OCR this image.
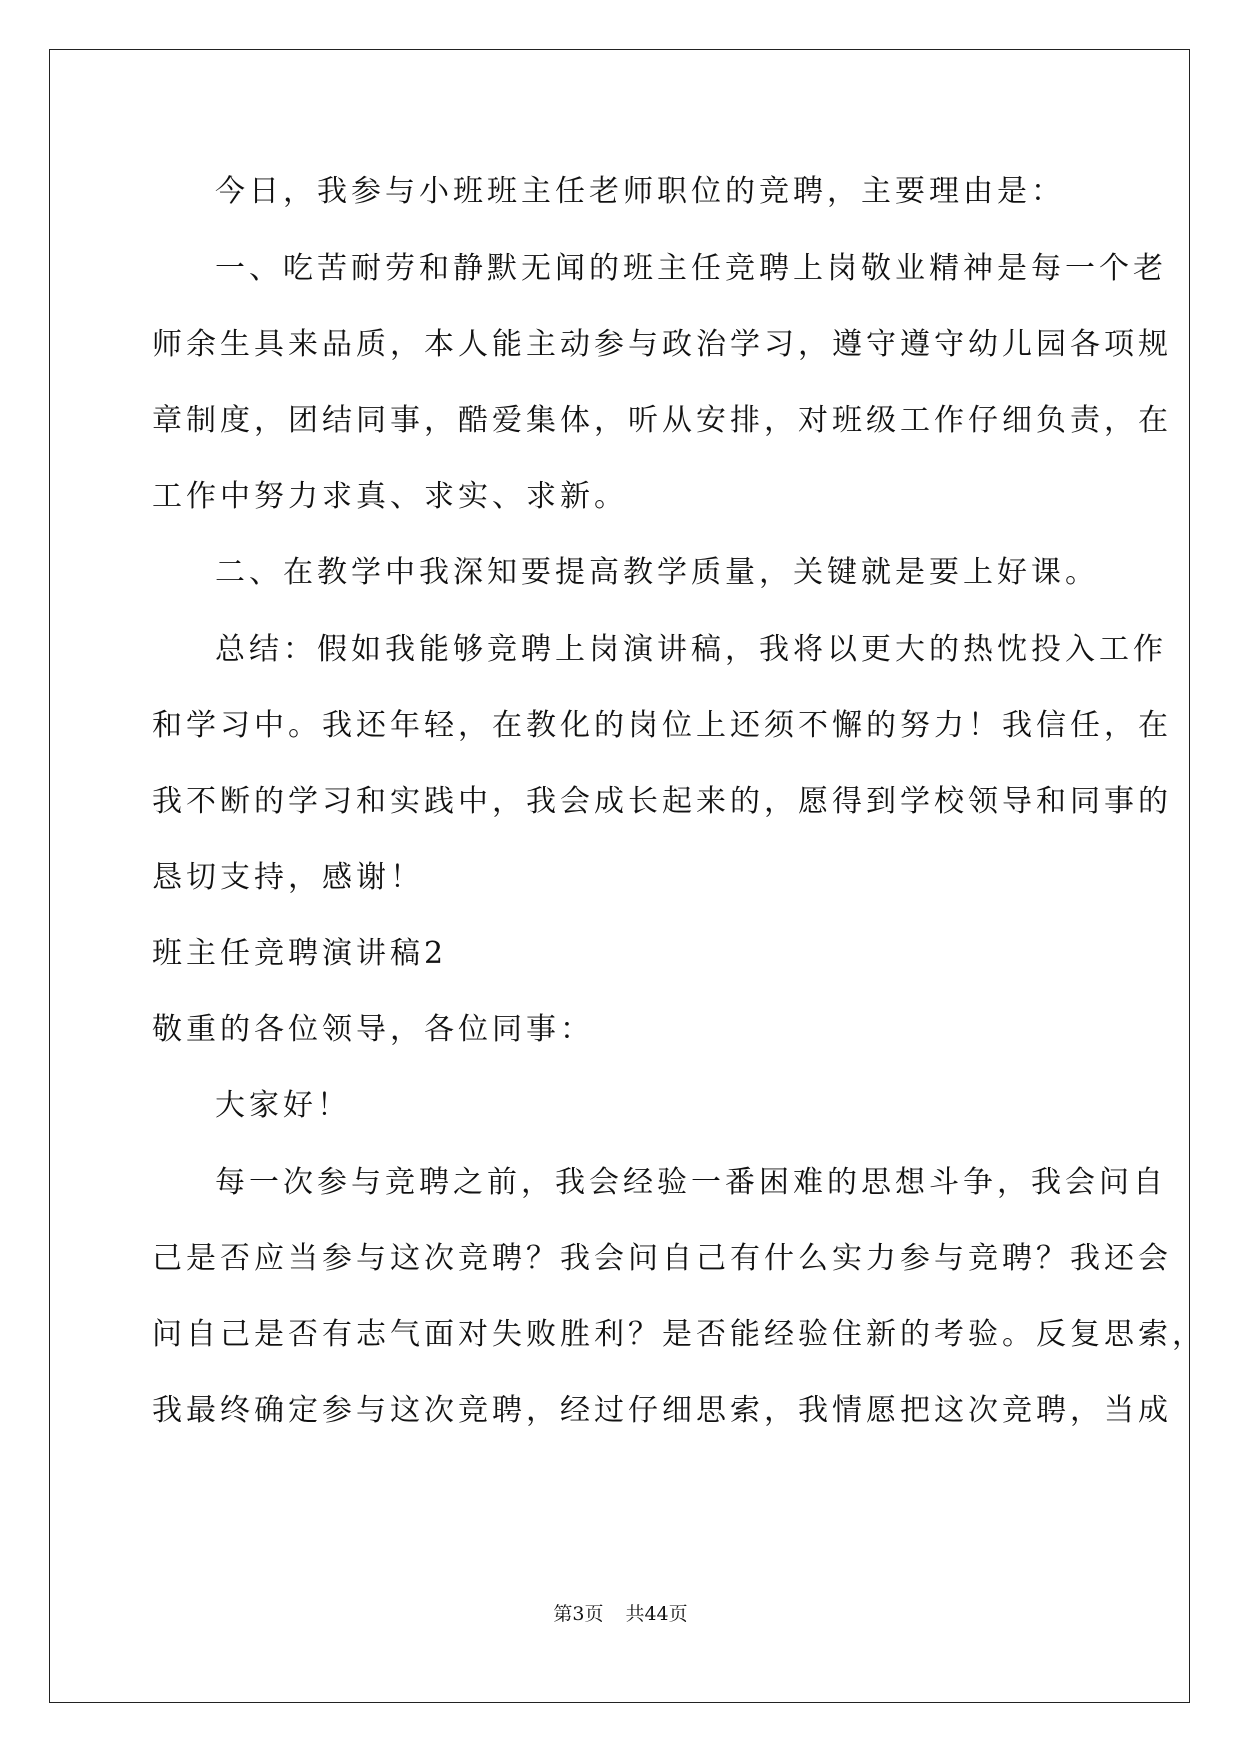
今日，我参与小班班主任老师职位的竞聘，主要理由是：
一、吃苦耐劳和静默无闻的班主任竞聘上岗敬业精神是每一个老
师余生具来品质，本人能主动参与政治学习，遵守遵守幼儿园各项规
章制度，团结同事，酷爱集体，听从安排，对班级工作仔细负责，在
工作中努力求真、求实、求新。
二、在教学中我深知要提高教学质量，关键就是要上好课。
总结：假如我能够竞聘上岗演讲稿，我将以更大的热忱投入工作
和学习中。我还年轻，在教化的岗位上还须不懈的努力！我信任，在
我不断的学习和实践中，我会成长起来的，愿得到学校领导和同事的
恳切支持，感谢！
班主任竞聘演讲稿2
敬重的各位领导，各位同事：
大家好！
每一次参与竞聘之前，我会经验一番困难的思想斗争，我会问自
己是否应当参与这次竞聘？我会问自己有什么实力参与竞聘？我还会
问自己是否有志气面对失败胜利？是否能经验住新的考验。反复思索，
我最终确定参与这次竞聘，经过仔细思索，我情愿把这次竞聘，当成
第3页 共44页
